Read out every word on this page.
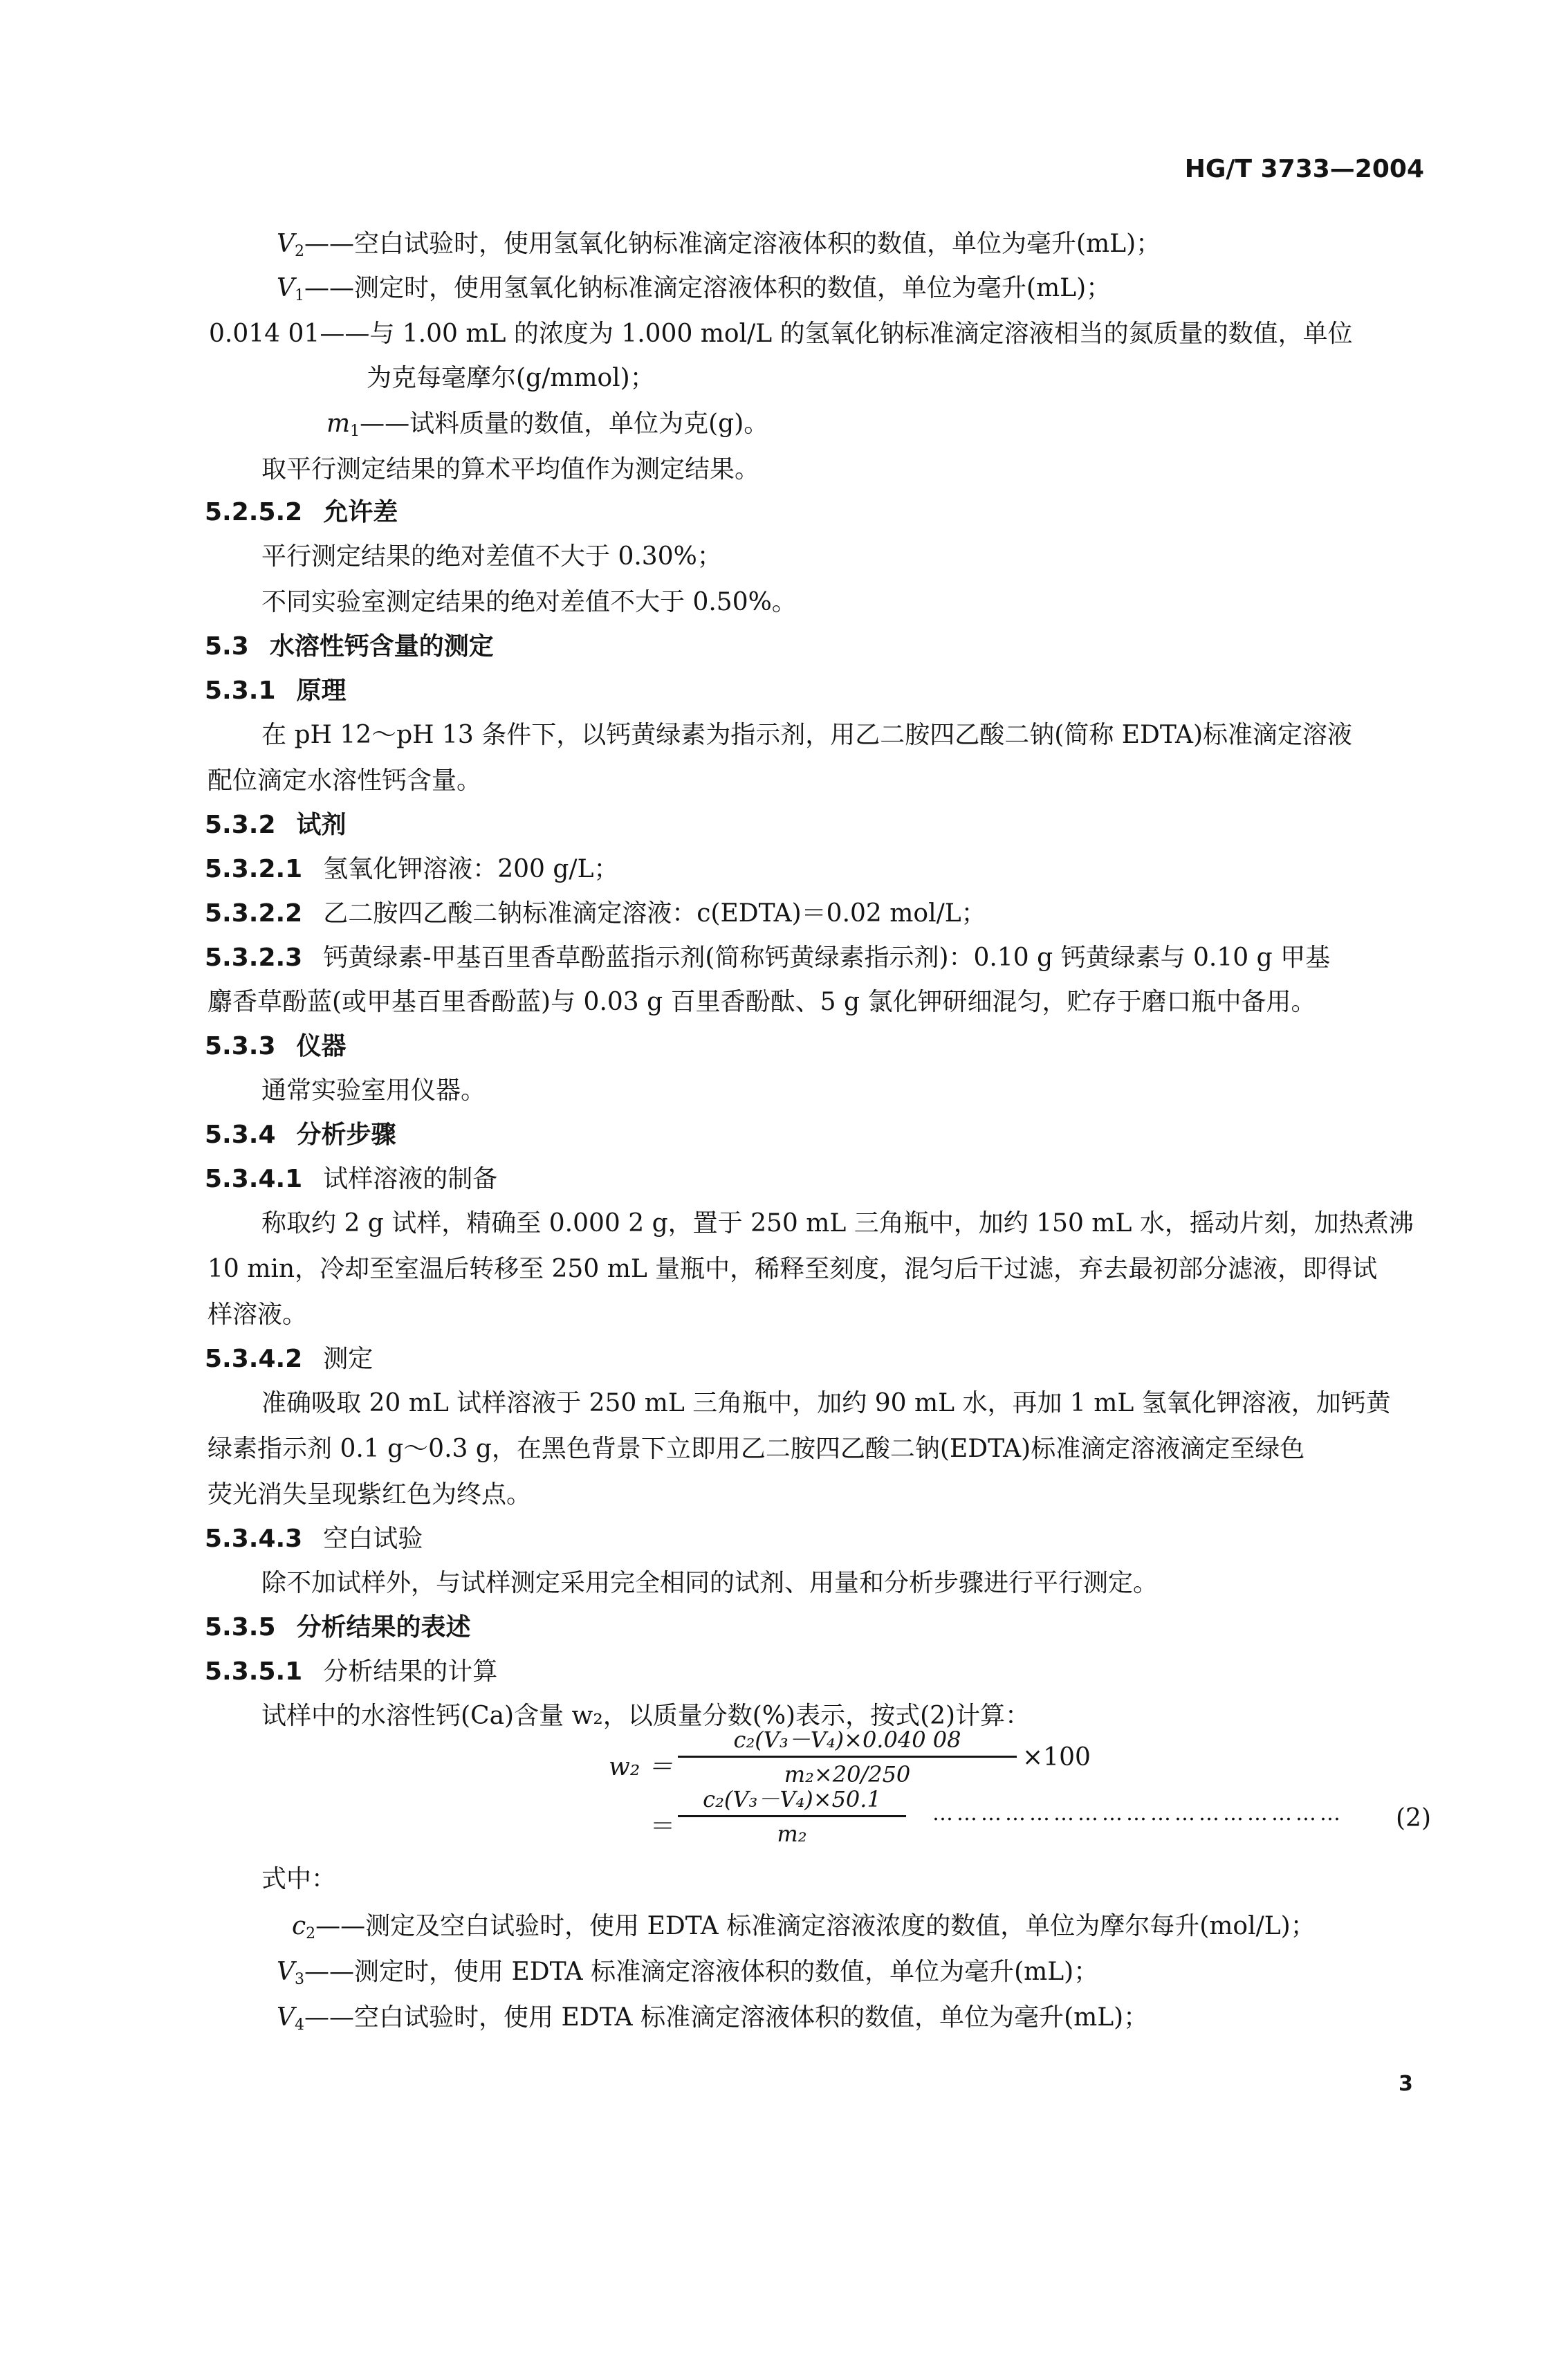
HG/T 3733—2004
$V_2——$空白试验时，使用氢氧化钠标准滴定溶液体积的数值，单位为毫升(mL)；
$V_1——$测定时，使用氢氧化钠标准滴定溶液体积的数值，单位为毫升(mL)；
0.014 01——与 1.00 mL 的浓度为 1.000 mol/L 的氢氧化钠标准滴定溶液相当的氮质量的数值，单位
为克每毫摩尔(g/mmol)；
$m_1——$试料质量的数值，单位为克(g)。
取平行测定结果的算术平均值作为测定结果。
5.2.5.2 允许差
平行测定结果的绝对差值不大于 0.30%；
不同实验室测定结果的绝对差值不大于 0.50%。
5.3 水溶性钙含量的测定
5.3.1 原理
在 pH 12～pH 13 条件下，以钙黄绿素为指示剂，用乙二胺四乙酸二钠(简称 EDTA)标准滴定溶液
配位滴定水溶性钙含量。
5.3.2 试剂
5.3.2.1 氢氧化钾溶液：200 g/L；
5.3.2.2 乙二胺四乙酸二钠标准滴定溶液：c(EDTA)＝0.02 mol/L；
5.3.2.3 钙黄绿素-甲基百里香草酚蓝指示剂(简称钙黄绿素指示剂)：0.10 g 钙黄绿素与 0.10 g 甲基
麝香草酚蓝(或甲基百里香酚蓝)与 0.03 g 百里香酚酞、5 g 氯化钾研细混匀，贮存于磨口瓶中备用。
5.3.3 仪器
通常实验室用仪器。
5.3.4 分析步骤
5.3.4.1 试样溶液的制备
称取约 2 g 试样，精确至 0.000 2 g，置于 250 mL 三角瓶中，加约 150 mL 水，摇动片刻，加热煮沸
10 min，冷却至室温后转移至 250 mL 量瓶中，稀释至刻度，混匀后干过滤，弃去最初部分滤液，即得试
样溶液。
5.3.4.2 测定
准确吸取 20 mL 试样溶液于 250 mL 三角瓶中，加约 90 mL 水，再加 1 mL 氢氧化钾溶液，加钙黄
绿素指示剂 0.1 g～0.3 g，在黑色背景下立即用乙二胺四乙酸二钠(EDTA)标准滴定溶液滴定至绿色
荧光消失呈现紫红色为终点。
5.3.4.3 空白试验
除不加试样外，与试样测定采用完全相同的试剂、用量和分析步骤进行平行测定。
5.3.5 分析结果的表述
5.3.5.1 分析结果的计算
试样中的水溶性钙(Ca)含量 w₂，以质量分数(%)表示，按式(2)计算：
w₂ ＝
c₂(V₃－V₄)×0.040 08
m₂×20/250
×100
＝
c₂(V₃－V₄)×50.1
m₂
……………………………………………	(2)
式中：
$c_2——$测定及空白试验时，使用 EDTA 标准滴定溶液浓度的数值，单位为摩尔每升(mol/L)；
$V_3——$测定时，使用 EDTA 标准滴定溶液体积的数值，单位为毫升(mL)；
$V_4——$空白试验时，使用 EDTA 标准滴定溶液体积的数值，单位为毫升(mL)；
3
